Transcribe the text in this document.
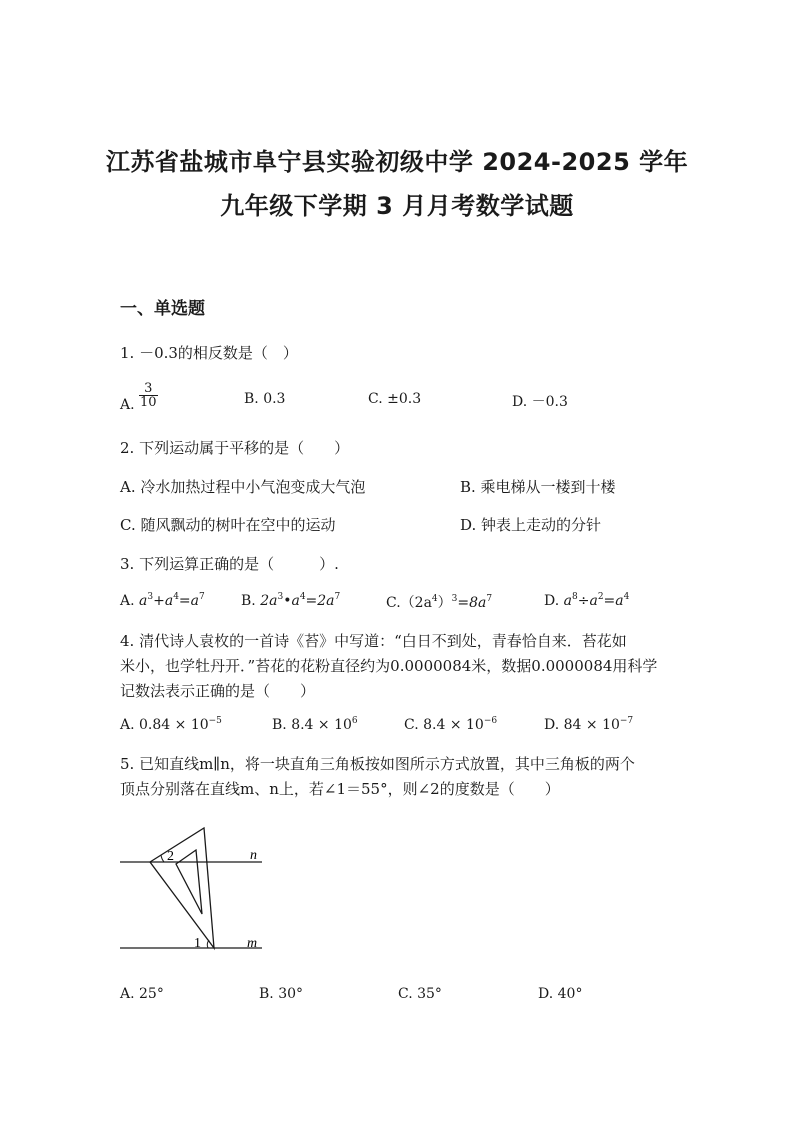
江苏省盐城市阜宁县实验初级中学 2024-2025 学年
九年级下学期 3 月月考数学试题
一、单选题
1. －0.3的相反数是（　）
A. $\frac{3}{10}$	B. 0.3	C. ±0.3	D. －0.3
2. 下列运动属于平移的是（　　）
A. 冷水加热过程中小气泡变成大气泡	B. 乘电梯从一楼到十楼
C. 随风飘动的树叶在空中的运动	D. 钟表上走动的分针
3. 下列运算正确的是（　　　）.
A. $a^3+a^4=a^7$	B. $2a^3•a^4=2a^7$	$C.(2a^4)^3=8a^7$	D. $a^8\div a^2=a^4$
4. 清代诗人袁枚的一首诗《苔》中写道：“白日不到处，青春恰自来．苔花如
米小，也学牡丹开．”苔花的花粉直径约为0.0000084米，数据0.0000084用科学
记数法表示正确的是（　　）
A. $0.84 \times 10^{-5}$	B. $8.4 \times 10^6$	C. $8.4 \times 10^{-6}$	D. $84 \times 10^{-7}$
5. 已知直线m∥n，将一块直角三角板按如图所示方式放置，其中三角板的两个
顶点分别落在直线m、n上，若∠1＝55°，则∠2的度数是（　　）
2
1
n
m
A. 25°	B. 30°	C. 35°	D. 40°
